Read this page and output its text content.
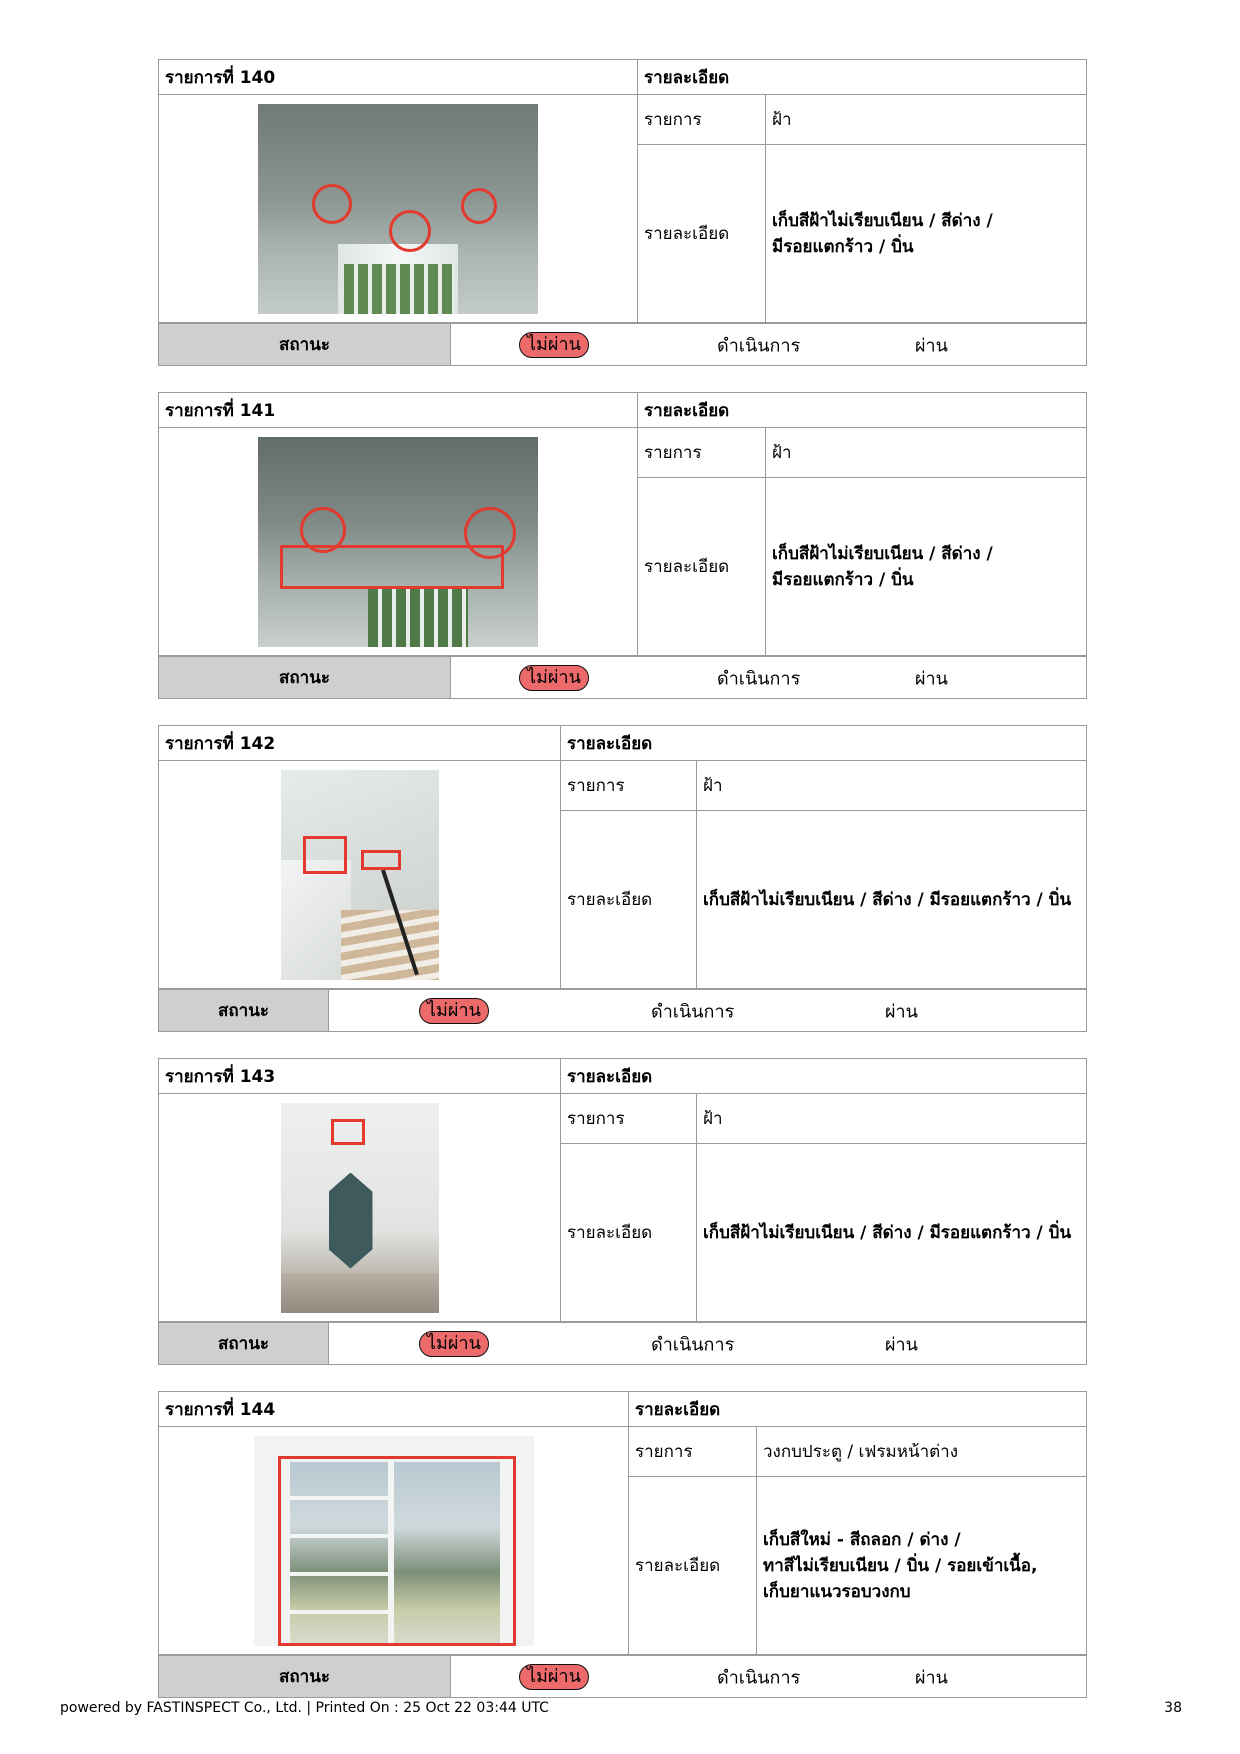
รายการที่ 140	รายละเอียด	

	รายการ	ฝ้า
	รายละเอียด	เก็บสีฝ้าไม่เรียบเนียน / สีด่าง /
มีรอยแตกร้าว / บิ่น
สถานะ	ไม่ผ่าน	ดำเนินการ	ผ่าน
รายการที่ 141	รายละเอียด	

	รายการ	ฝ้า
	รายละเอียด	เก็บสีฝ้าไม่เรียบเนียน / สีด่าง /
มีรอยแตกร้าว / บิ่น
สถานะ	ไม่ผ่าน	ดำเนินการ	ผ่าน
รายการที่ 142	รายละเอียด	

	รายการ	ฝ้า
	รายละเอียด	เก็บสีฝ้าไม่เรียบเนียน / สีด่าง / มีรอยแตกร้าว / บิ่น
สถานะ	ไม่ผ่าน	ดำเนินการ	ผ่าน
รายการที่ 143	รายละเอียด	

	รายการ	ฝ้า
	รายละเอียด	เก็บสีฝ้าไม่เรียบเนียน / สีด่าง / มีรอยแตกร้าว / บิ่น
สถานะ	ไม่ผ่าน	ดำเนินการ	ผ่าน
รายการที่ 144	รายละเอียด	

	รายการ	วงกบประตู / เฟรมหน้าต่าง
	รายละเอียด	เก็บสีใหม่ - สีถลอก / ด่าง /
ทาสีไม่เรียบเนียน / บิ่น / รอยเข้าเนื้อ,
เก็บยาแนวรอบวงกบ
สถานะ	ไม่ผ่าน	ดำเนินการ	ผ่าน
powered by FASTINSPECT Co., Ltd. | Printed On : 25 Oct 22 03:44 UTC	38
